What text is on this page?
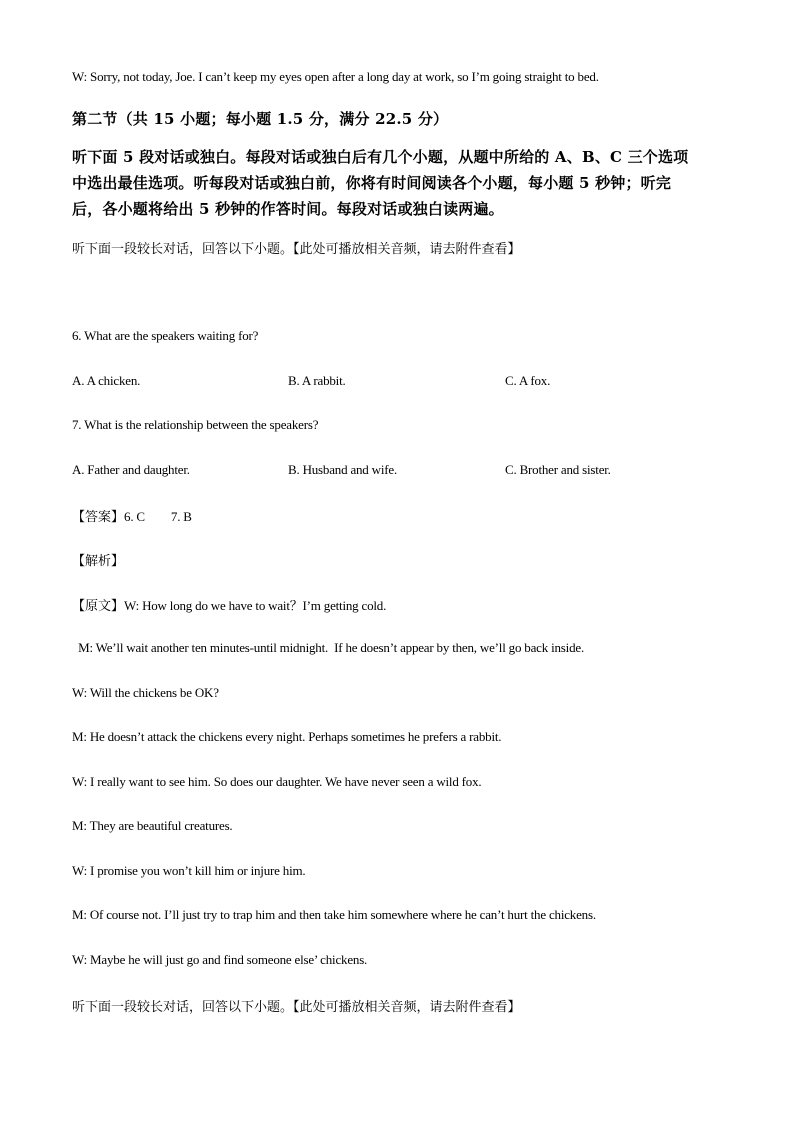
W: Sorry, not today, Joe. I can’t keep my eyes open after a long day at work, so I’m going straight to bed.
第二节（共 15 小题；每小题 1.5 分，满分 22.5 分）
听下面 5 段对话或独白。每段对话或独白后有几个小题，从题中所给的 A、B、C 三个选项
中选出最佳选项。听每段对话或独白前，你将有时间阅读各个小题，每小题 5 秒钟；听完
后，各小题将给出 5 秒钟的作答时间。每段对话或独白读两遍。
听下面一段较长对话，回答以下小题。【此处可播放相关音频，请去附件查看】
6. What are the speakers waiting for?
A. A chicken.	B. A rabbit.	C. A fox.
7. What is the relationship between the speakers?
A. Father and daughter.	B. Husband and wife.	C. Brother and sister.
【答案】6. C 7. B
【解析】
【原文】W: How long do we have to wait？I’m getting cold.
M: We’ll wait another ten minutes-until midnight.  If he doesn’t appear by then, we’ll go back inside.
W: Will the chickens be OK?
M: He doesn’t attack the chickens every night. Perhaps sometimes he prefers a rabbit.
W: I really want to see him. So does our daughter. We have never seen a wild fox.
M: They are beautiful creatures.
W: I promise you won’t kill him or injure him.
M: Of course not. I’ll just try to trap him and then take him somewhere where he can’t hurt the chickens.
W: Maybe he will just go and find someone else’ chickens.
听下面一段较长对话，回答以下小题。【此处可播放相关音频，请去附件查看】
